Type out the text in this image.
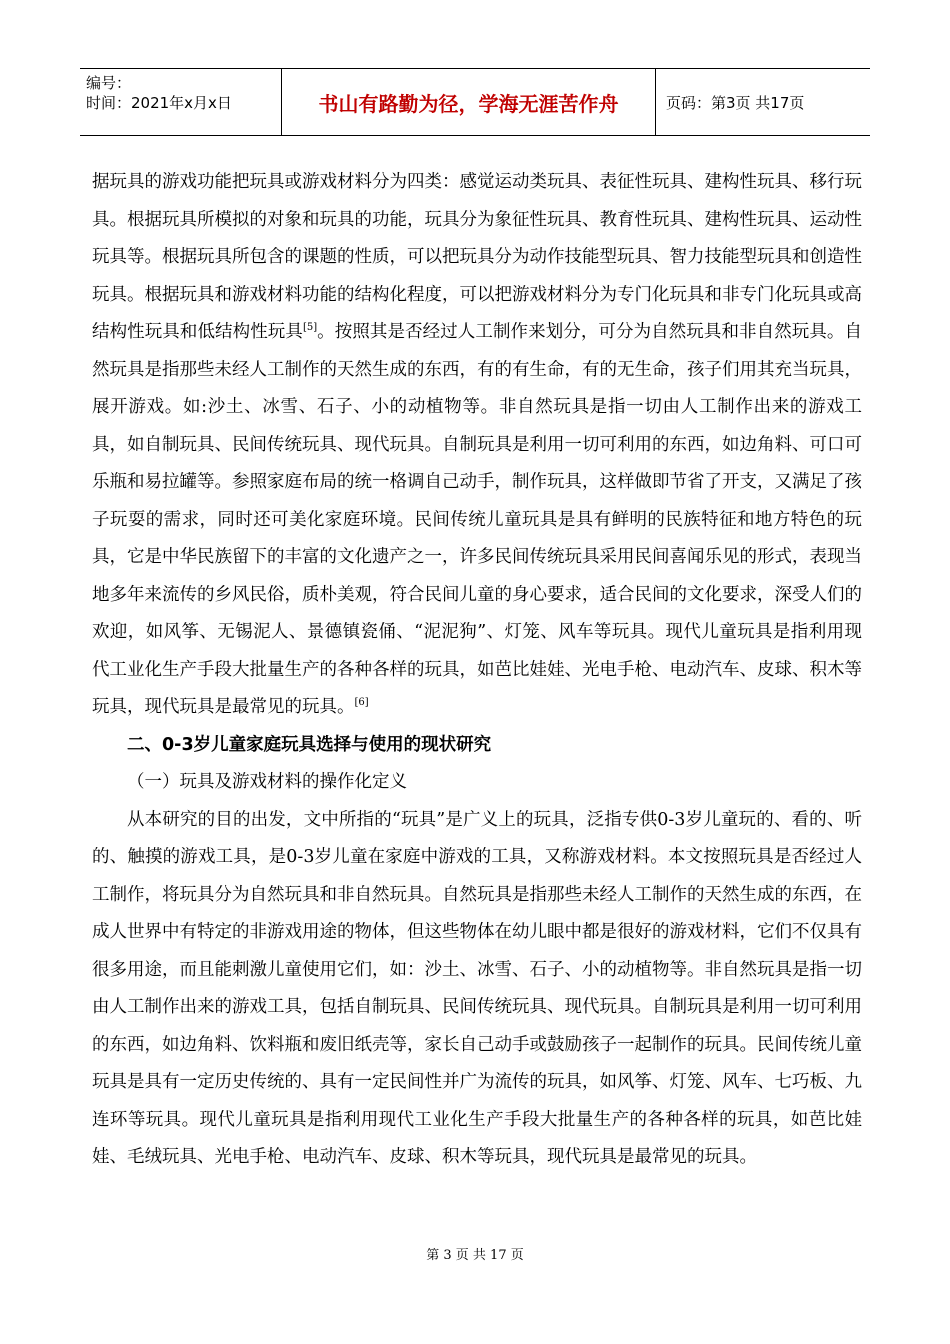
编号：
时间：2021年x月x日	书山有路勤为径，学海无涯苦作舟	页码：第3页 共17页

据玩具的游戏功能把玩具或游戏材料分为四类：感觉运动类玩具、表征性玩具、建构性玩具、移行玩具。根据玩具所模拟的对象和玩具的功能，玩具分为象征性玩具、教育性玩具、建构性玩具、运动性玩具等。根据玩具所包含的课题的性质，可以把玩具分为动作技能型玩具、智力技能型玩具和创造性玩具。根据玩具和游戏材料功能的结构化程度，可以把游戏材料分为专门化玩具和非专门化玩具或高结构性玩具和低结构性玩具[5]。按照其是否经过人工制作来划分，可分为自然玩具和非自然玩具。自然玩具是指那些未经人工制作的天然生成的东西，有的有生命，有的无生命，孩子们用其充当玩具，展开游戏。如:沙土、冰雪、石子、小的动植物等。非自然玩具是指一切由人工制作出来的游戏工具，如自制玩具、民间传统玩具、现代玩具。自制玩具是利用一切可利用的东西，如边角料、可口可乐瓶和易拉罐等。参照家庭布局的统一格调自己动手，制作玩具，这样做即节省了开支，又满足了孩子玩耍的需求，同时还可美化家庭环境。民间传统儿童玩具是具有鲜明的民族特征和地方特色的玩具，它是中华民族留下的丰富的文化遗产之一，许多民间传统玩具采用民间喜闻乐见的形式，表现当地多年来流传的乡风民俗，质朴美观，符合民间儿童的身心要求，适合民间的文化要求，深受人们的欢迎，如风筝、无锡泥人、景德镇瓷俑、“泥泥狗”、灯笼、风车等玩具。现代儿童玩具是指利用现代工业化生产手段大批量生产的各种各样的玩具，如芭比娃娃、光电手枪、电动汽车、皮球、积木等玩具，现代玩具是最常见的玩具。[6]

二、0-3岁儿童家庭玩具选择与使用的现状研究

（一）玩具及游戏材料的操作化定义

从本研究的目的出发，文中所指的“玩具”是广义上的玩具，泛指专供0-3岁儿童玩的、看的、听的、触摸的游戏工具，是0-3岁儿童在家庭中游戏的工具，又称游戏材料。本文按照玩具是否经过人工制作，将玩具分为自然玩具和非自然玩具。自然玩具是指那些未经人工制作的天然生成的东西，在成人世界中有特定的非游戏用途的物体，但这些物体在幼儿眼中都是很好的游戏材料，它们不仅具有很多用途，而且能刺激儿童使用它们，如：沙土、冰雪、石子、小的动植物等。非自然玩具是指一切由人工制作出来的游戏工具，包括自制玩具、民间传统玩具、现代玩具。自制玩具是利用一切可利用的东西，如边角料、饮料瓶和废旧纸壳等，家长自己动手或鼓励孩子一起制作的玩具。民间传统儿童玩具是具有一定历史传统的、具有一定民间性并广为流传的玩具，如风筝、灯笼、风车、七巧板、九连环等玩具。现代儿童玩具是指利用现代工业化生产手段大批量生产的各种各样的玩具，如芭比娃娃、毛绒玩具、光电手枪、电动汽车、皮球、积木等玩具，现代玩具是最常见的玩具。

第 3 页 共 17 页
